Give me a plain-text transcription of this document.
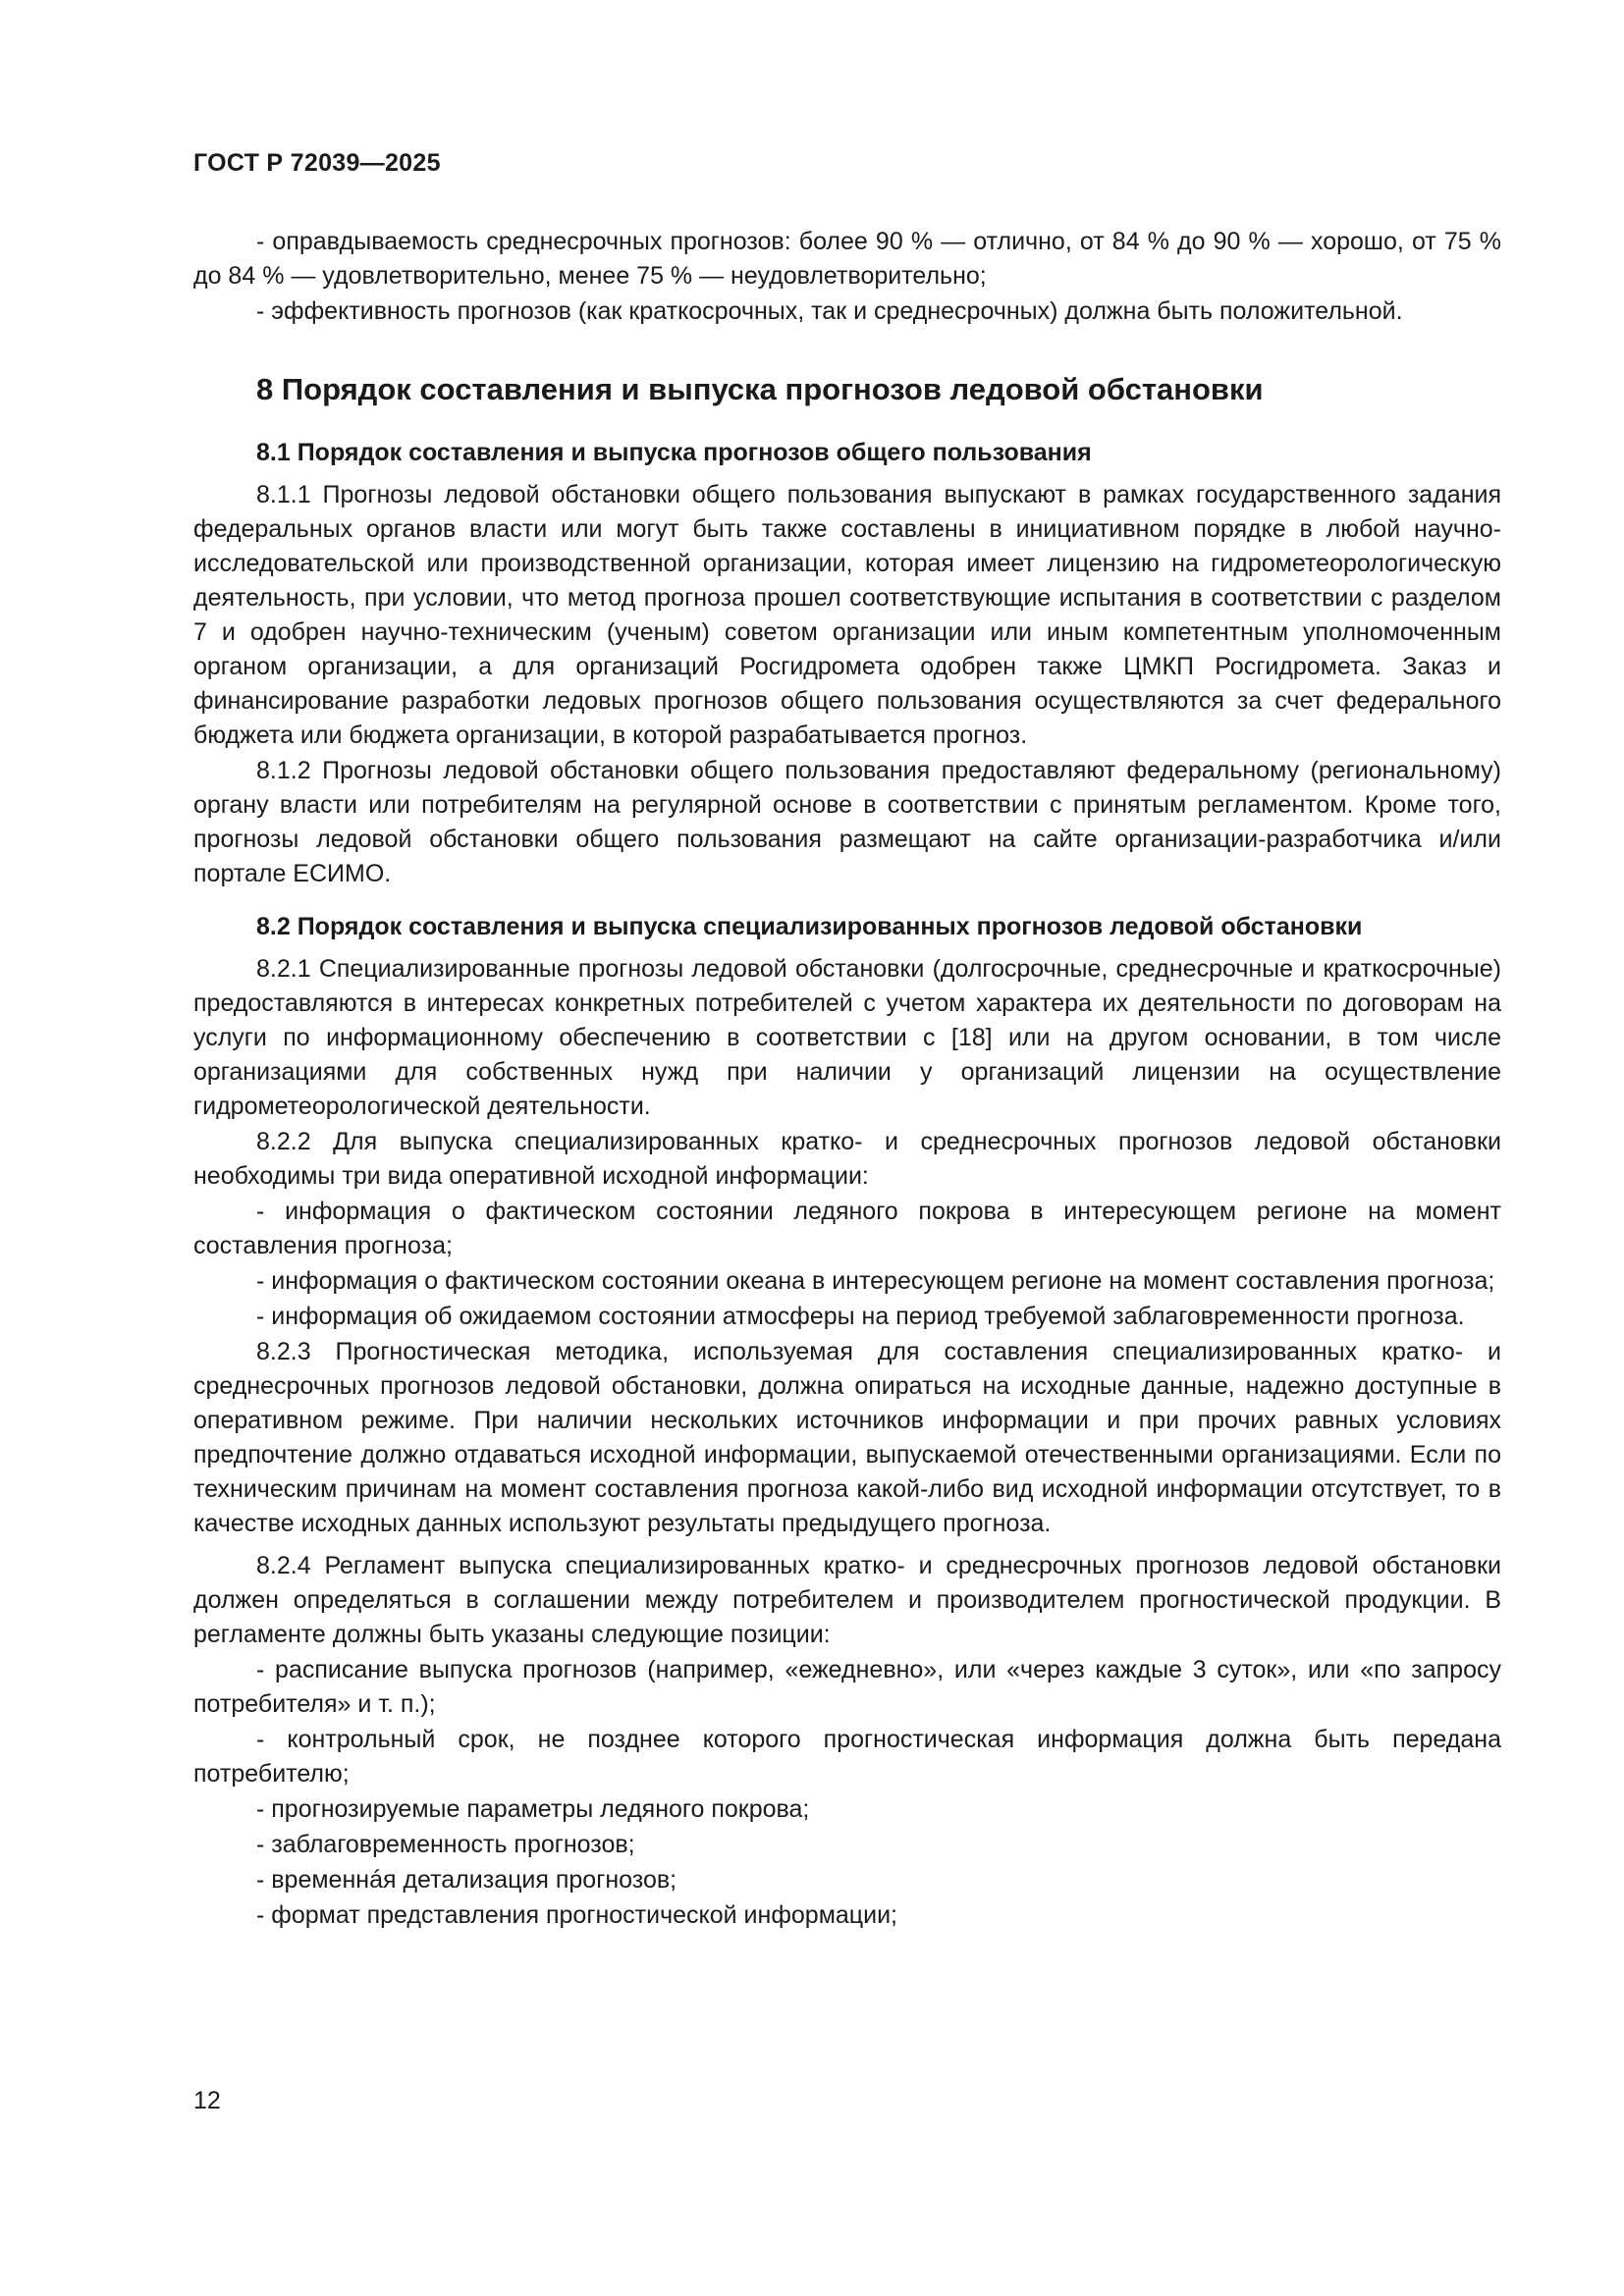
ГОСТ Р 72039—2025

- оправдываемость среднесрочных прогнозов: более 90 % — отлично, от 84 % до 90 % — хорошо, от 75 % до 84 % — удовлетворительно, менее 75 % — неудовлетворительно;

- эффективность прогнозов (как краткосрочных, так и среднесрочных) должна быть положительной.

8 Порядок составления и выпуска прогнозов ледовой обстановки
8.1 Порядок составления и выпуска прогнозов общего пользования

8.1.1 Прогнозы ледовой обстановки общего пользования выпускают в рамках государственного задания федеральных органов власти или могут быть также составлены в инициативном порядке в любой научно-исследовательской или производственной организации, которая имеет лицензию на гидрометеорологическую деятельность, при условии, что метод прогноза прошел соответствующие испытания в соответствии с разделом 7 и одобрен научно-техническим (ученым) советом организации или иным компетентным уполномоченным органом организации, а для организаций Росгидромета одобрен также ЦМКП Росгидромета. Заказ и финансирование разработки ледовых прогнозов общего пользования осуществляются за счет федерального бюджета или бюджета организации, в которой разрабатывается прогноз.

8.1.2 Прогнозы ледовой обстановки общего пользования предоставляют федеральному (региональному) органу власти или потребителям на регулярной основе в соответствии с принятым регламентом. Кроме того, прогнозы ледовой обстановки общего пользования размещают на сайте организации-разработчика и/или портале ЕСИМО.

8.2 Порядок составления и выпуска специализированных прогнозов ледовой обстановки

8.2.1 Специализированные прогнозы ледовой обстановки (долгосрочные, среднесрочные и краткосрочные) предоставляются в интересах конкретных потребителей с учетом характера их деятельности по договорам на услуги по информационному обеспечению в соответствии с [18] или на другом основании, в том числе организациями для собственных нужд при наличии у организаций лицензии на осуществление гидрометеорологической деятельности.

8.2.2 Для выпуска специализированных кратко- и среднесрочных прогнозов ледовой обстановки необходимы три вида оперативной исходной информации:

- информация о фактическом состоянии ледяного покрова в интересующем регионе на момент составления прогноза;

- информация о фактическом состоянии океана в интересующем регионе на момент составления прогноза;

- информация об ожидаемом состоянии атмосферы на период требуемой заблаговременности прогноза.

8.2.3 Прогностическая методика, используемая для составления специализированных кратко- и среднесрочных прогнозов ледовой обстановки, должна опираться на исходные данные, надежно доступные в оперативном режиме. При наличии нескольких источников информации и при прочих равных условиях предпочтение должно отдаваться исходной информации, выпускаемой отечественными организациями. Если по техническим причинам на момент составления прогноза какой-либо вид исходной информации отсутствует, то в качестве исходных данных используют результаты предыдущего прогноза.

8.2.4 Регламент выпуска специализированных кратко- и среднесрочных прогнозов ледовой обстановки должен определяться в соглашении между потребителем и производителем прогностической продукции. В регламенте должны быть указаны следующие позиции:

- расписание выпуска прогнозов (например, «ежедневно», или «через каждые 3 суток», или «по запросу потребителя» и т. п.);

- контрольный срок, не позднее которого прогностическая информация должна быть передана потребителю;

- прогнозируемые параметры ледяного покрова;

- заблаговременность прогнозов;

- временнáя детализация прогнозов;

- формат представления прогностической информации;

12
